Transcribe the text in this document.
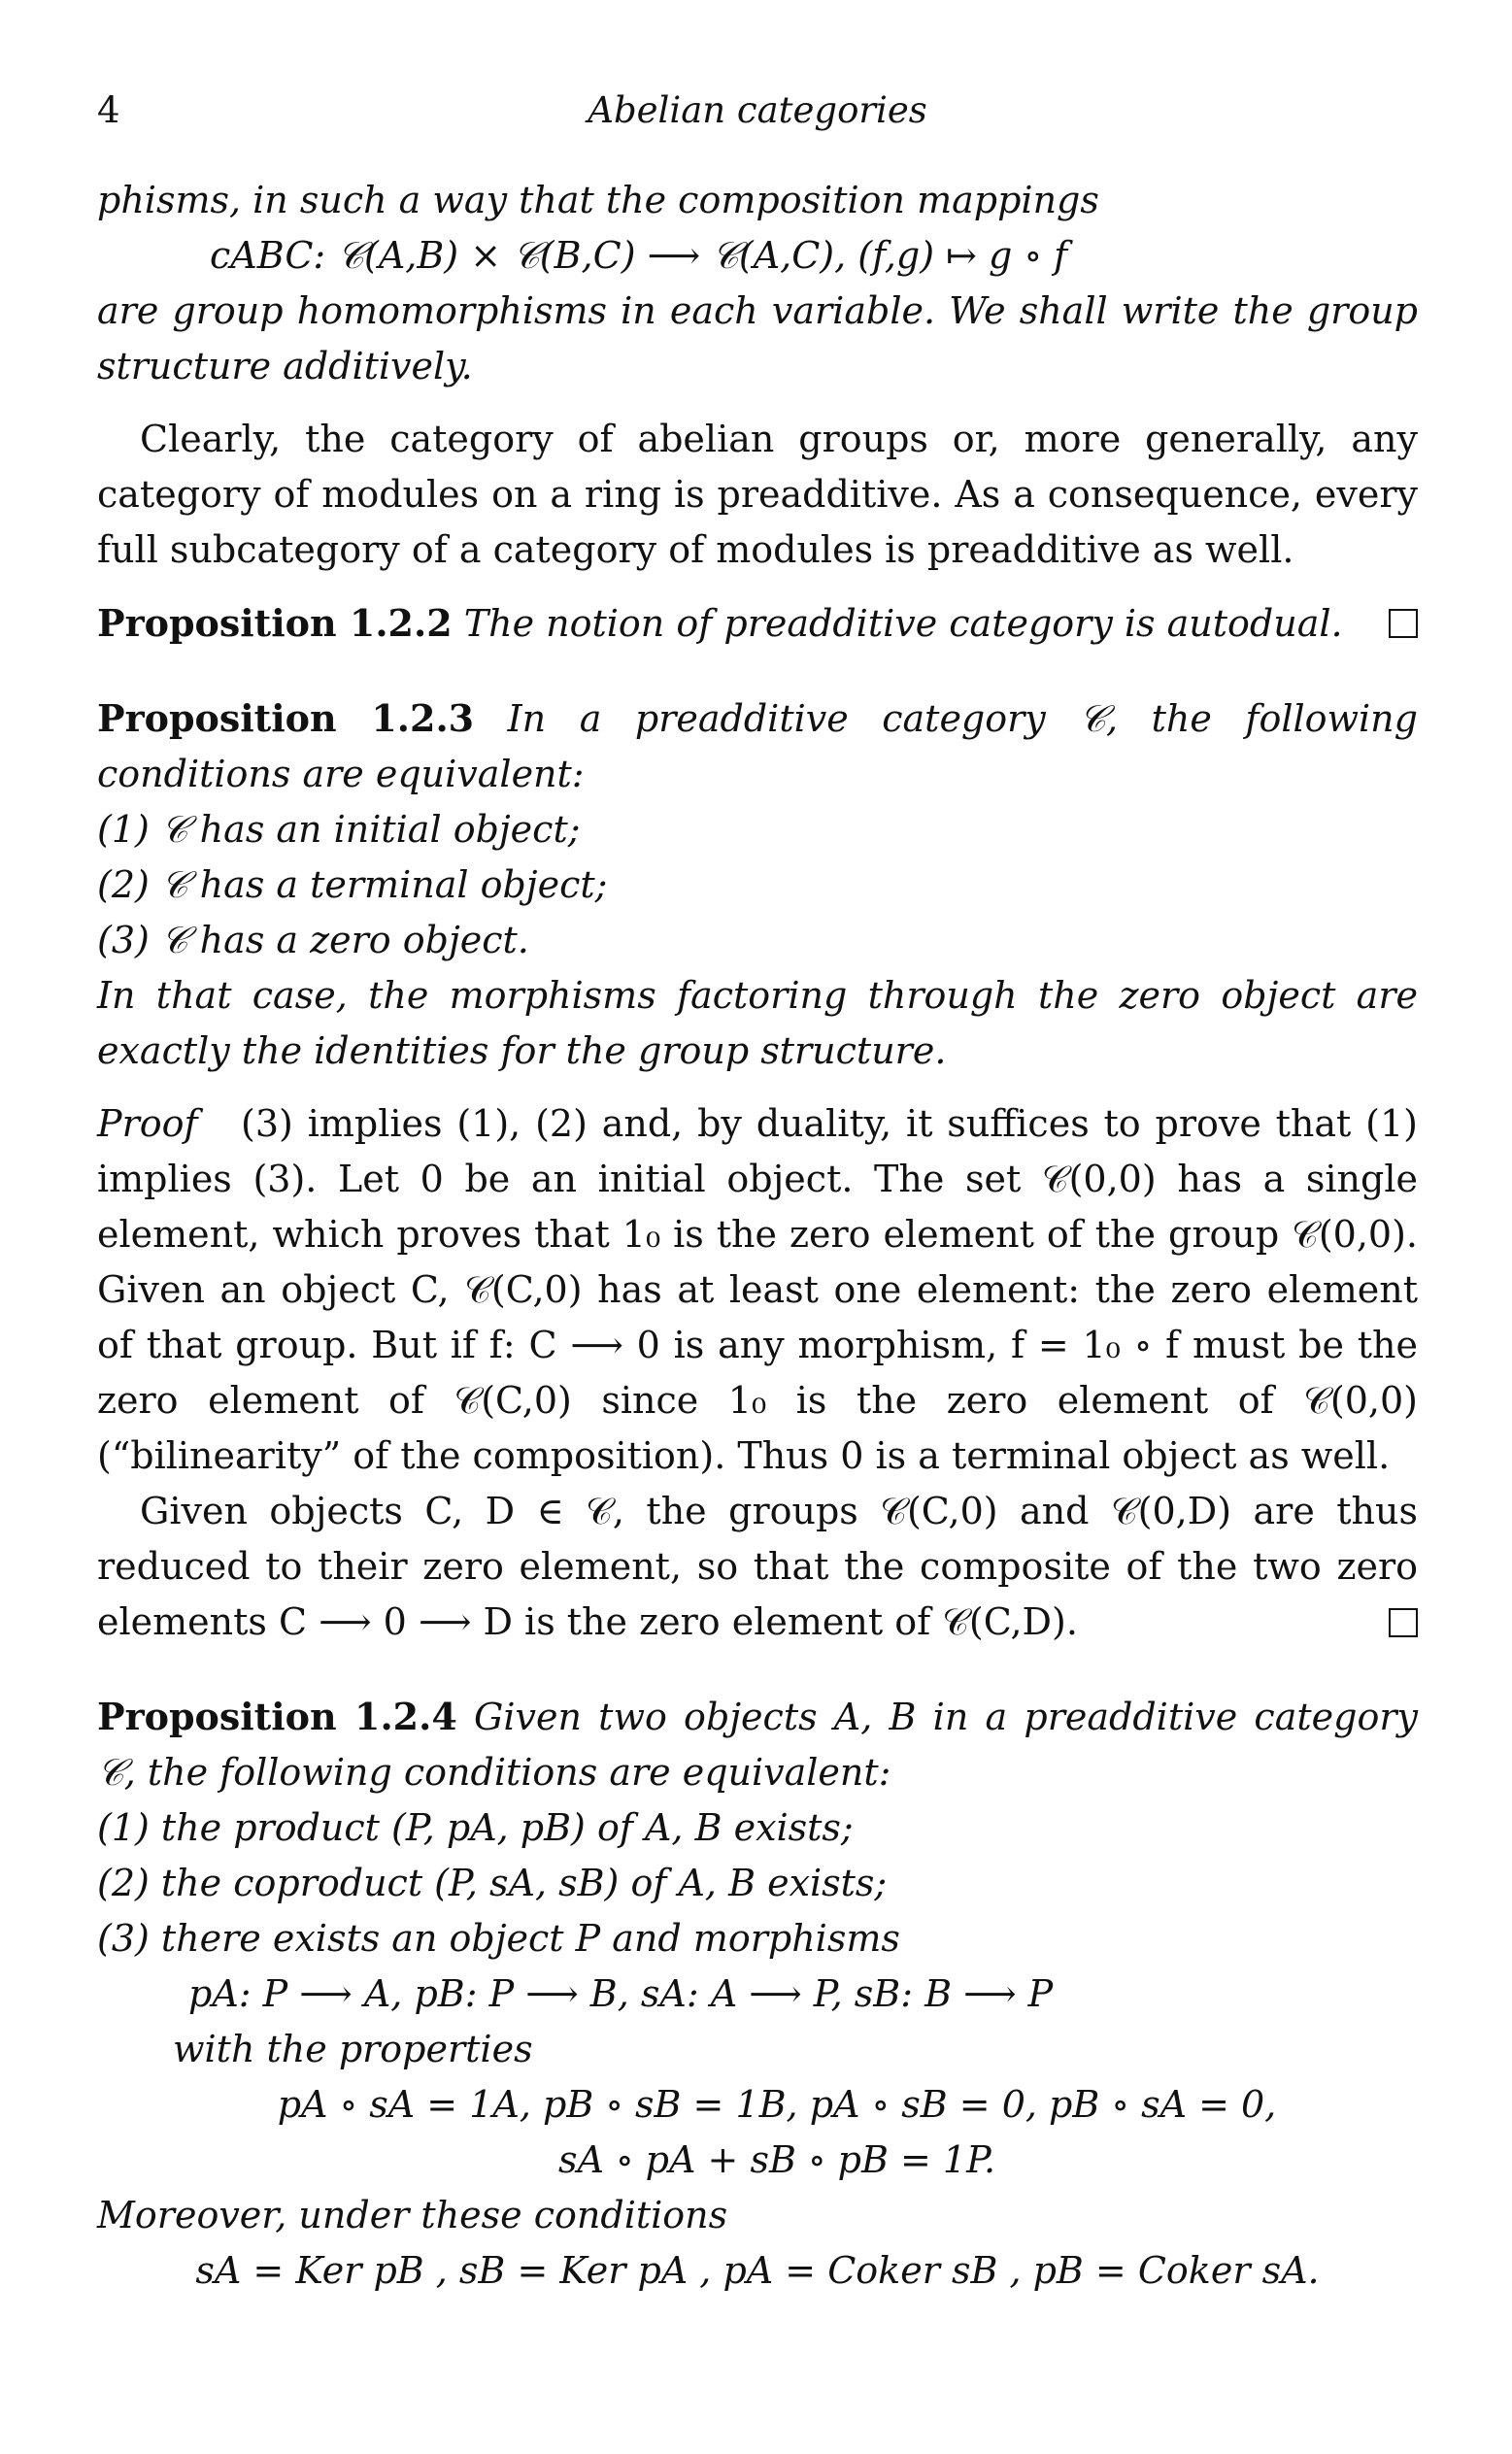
4	Abelian categories

phisms, in such a way that the composition mappings

cABC: 𝒞(A,B) × 𝒞(B,C) ⟶ 𝒞(A,C), (f,g) ↦ g ∘ f

are group homomorphisms in each variable. We shall write the group structure additively.

Clearly, the category of abelian groups or, more generally, any category of modules on a ring is preadditive. As a consequence, every full subcategory of a category of modules is preadditive as well.

Proposition 1.2.2 The notion of preadditive category is autodual.

Proposition 1.2.3 In a preadditive category 𝒞, the following conditions are equivalent:

(1) 𝒞 has an initial object;

(2) 𝒞 has a terminal object;

(3) 𝒞 has a zero object.

In that case, the morphisms factoring through the zero object are exactly the identities for the group structure.

Proof (3) implies (1), (2) and, by duality, it suffices to prove that (1) implies (3). Let 0 be an initial object. The set 𝒞(0,0) has a single element, which proves that 1₀ is the zero element of the group 𝒞(0,0). Given an object C, 𝒞(C,0) has at least one element: the zero element of that group. But if f: C ⟶ 0 is any morphism, f = 1₀ ∘ f must be the zero element of 𝒞(C,0) since 1₀ is the zero element of 𝒞(0,0) (“bilinearity” of the composition). Thus 0 is a terminal object as well.

Given objects C, D ∈ 𝒞, the groups 𝒞(C,0) and 𝒞(0,D) are thus reduced to their zero element, so that the composite of the two zero elements C ⟶ 0 ⟶ D is the zero element of 𝒞(C,D).

Proposition 1.2.4 Given two objects A, B in a preadditive category 𝒞, the following conditions are equivalent:

(1) the product (P, pA, pB) of A, B exists;

(2) the coproduct (P, sA, sB) of A, B exists;

(3) there exists an object P and morphisms

pA: P ⟶ A, pB: P ⟶ B, sA: A ⟶ P, sB: B ⟶ P

with the properties

pA ∘ sA = 1A, pB ∘ sB = 1B, pA ∘ sB = 0, pB ∘ sA = 0,

sA ∘ pA + sB ∘ pB = 1P.

Moreover, under these conditions

sA = Ker pB , sB = Ker pA , pA = Coker sB , pB = Coker sA.
